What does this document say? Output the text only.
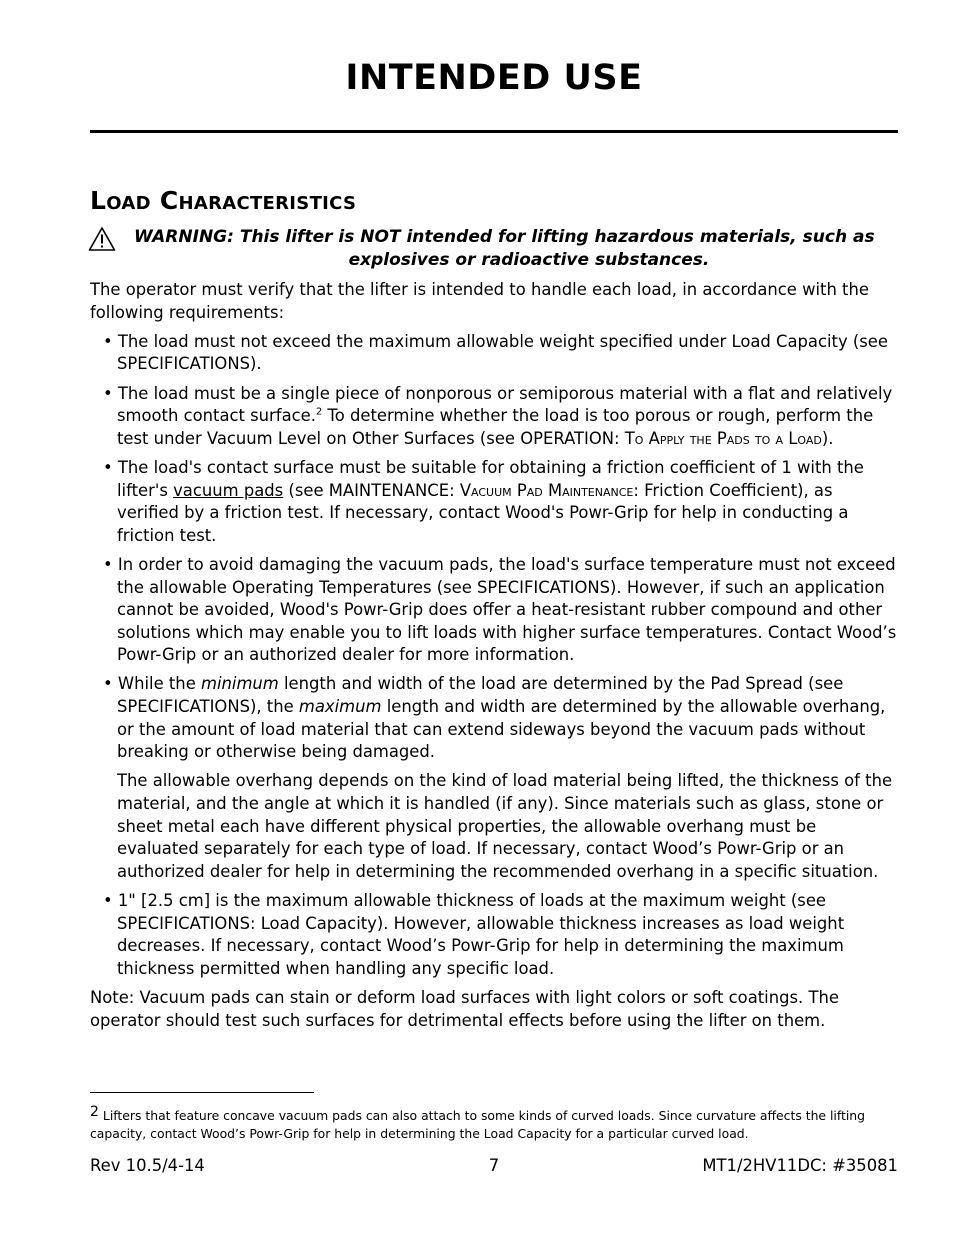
INTENDED USE
Load Characteristics
WARNING: This lifter is NOT intended for lifting hazardous materials, such as
explosives or radioactive substances.

The operator must verify that the lifter is intended to handle each load, in accordance with the following requirements:

• The load must not exceed the maximum allowable weight specified under Load Capacity (see SPECIFICATIONS).

• The load must be a single piece of nonporous or semiporous material with a flat and relatively smooth contact surface.$^2$ To determine whether the load is too porous or rough, perform the test under Vacuum Level on Other Surfaces (see OPERATION: To Apply the Pads to a Load).

• The load's contact surface must be suitable for obtaining a friction coefficient of 1 with the lifter's vacuum pads (see MAINTENANCE: Vacuum Pad Maintenance: Friction Coefficient), as verified by a friction test. If necessary, contact Wood's Powr-Grip for help in conducting a friction test.

• In order to avoid damaging the vacuum pads, the load's surface temperature must not exceed the allowable Operating Temperatures (see SPECIFICATIONS). However, if such an application cannot be avoided, Wood's Powr-Grip does offer a heat-resistant rubber compound and other solutions which may enable you to lift loads with higher surface temperatures. Contact Wood’s Powr-Grip or an authorized dealer for more information.

• While the minimum length and width of the load are determined by the Pad Spread (see SPECIFICATIONS), the maximum length and width are determined by the allowable overhang, or the amount of load material that can extend sideways beyond the vacuum pads without breaking or otherwise being damaged.

The allowable overhang depends on the kind of load material being lifted, the thickness of the material, and the angle at which it is handled (if any). Since materials such as glass, stone or sheet metal each have different physical properties, the allowable overhang must be evaluated separately for each type of load. If necessary, contact Wood’s Powr-Grip or an authorized dealer for help in determining the recommended overhang in a specific situation.

• 1" [2.5 cm] is the maximum allowable thickness of loads at the maximum weight (see SPECIFICATIONS: Load Capacity). However, allowable thickness increases as load weight decreases. If necessary, contact Wood’s Powr-Grip for help in determining the maximum thickness permitted when handling any specific load.

Note: Vacuum pads can stain or deform load surfaces with light colors or soft coatings. The operator should test such surfaces for detrimental effects before using the lifter on them.

2 Lifters that feature concave vacuum pads can also attach to some kinds of curved loads. Since curvature affects the lifting capacity, contact Wood’s Powr-Grip for help in determining the Load Capacity for a particular curved load.
Rev 10.5/4-14	7	MT1/2HV11DC: #35081
